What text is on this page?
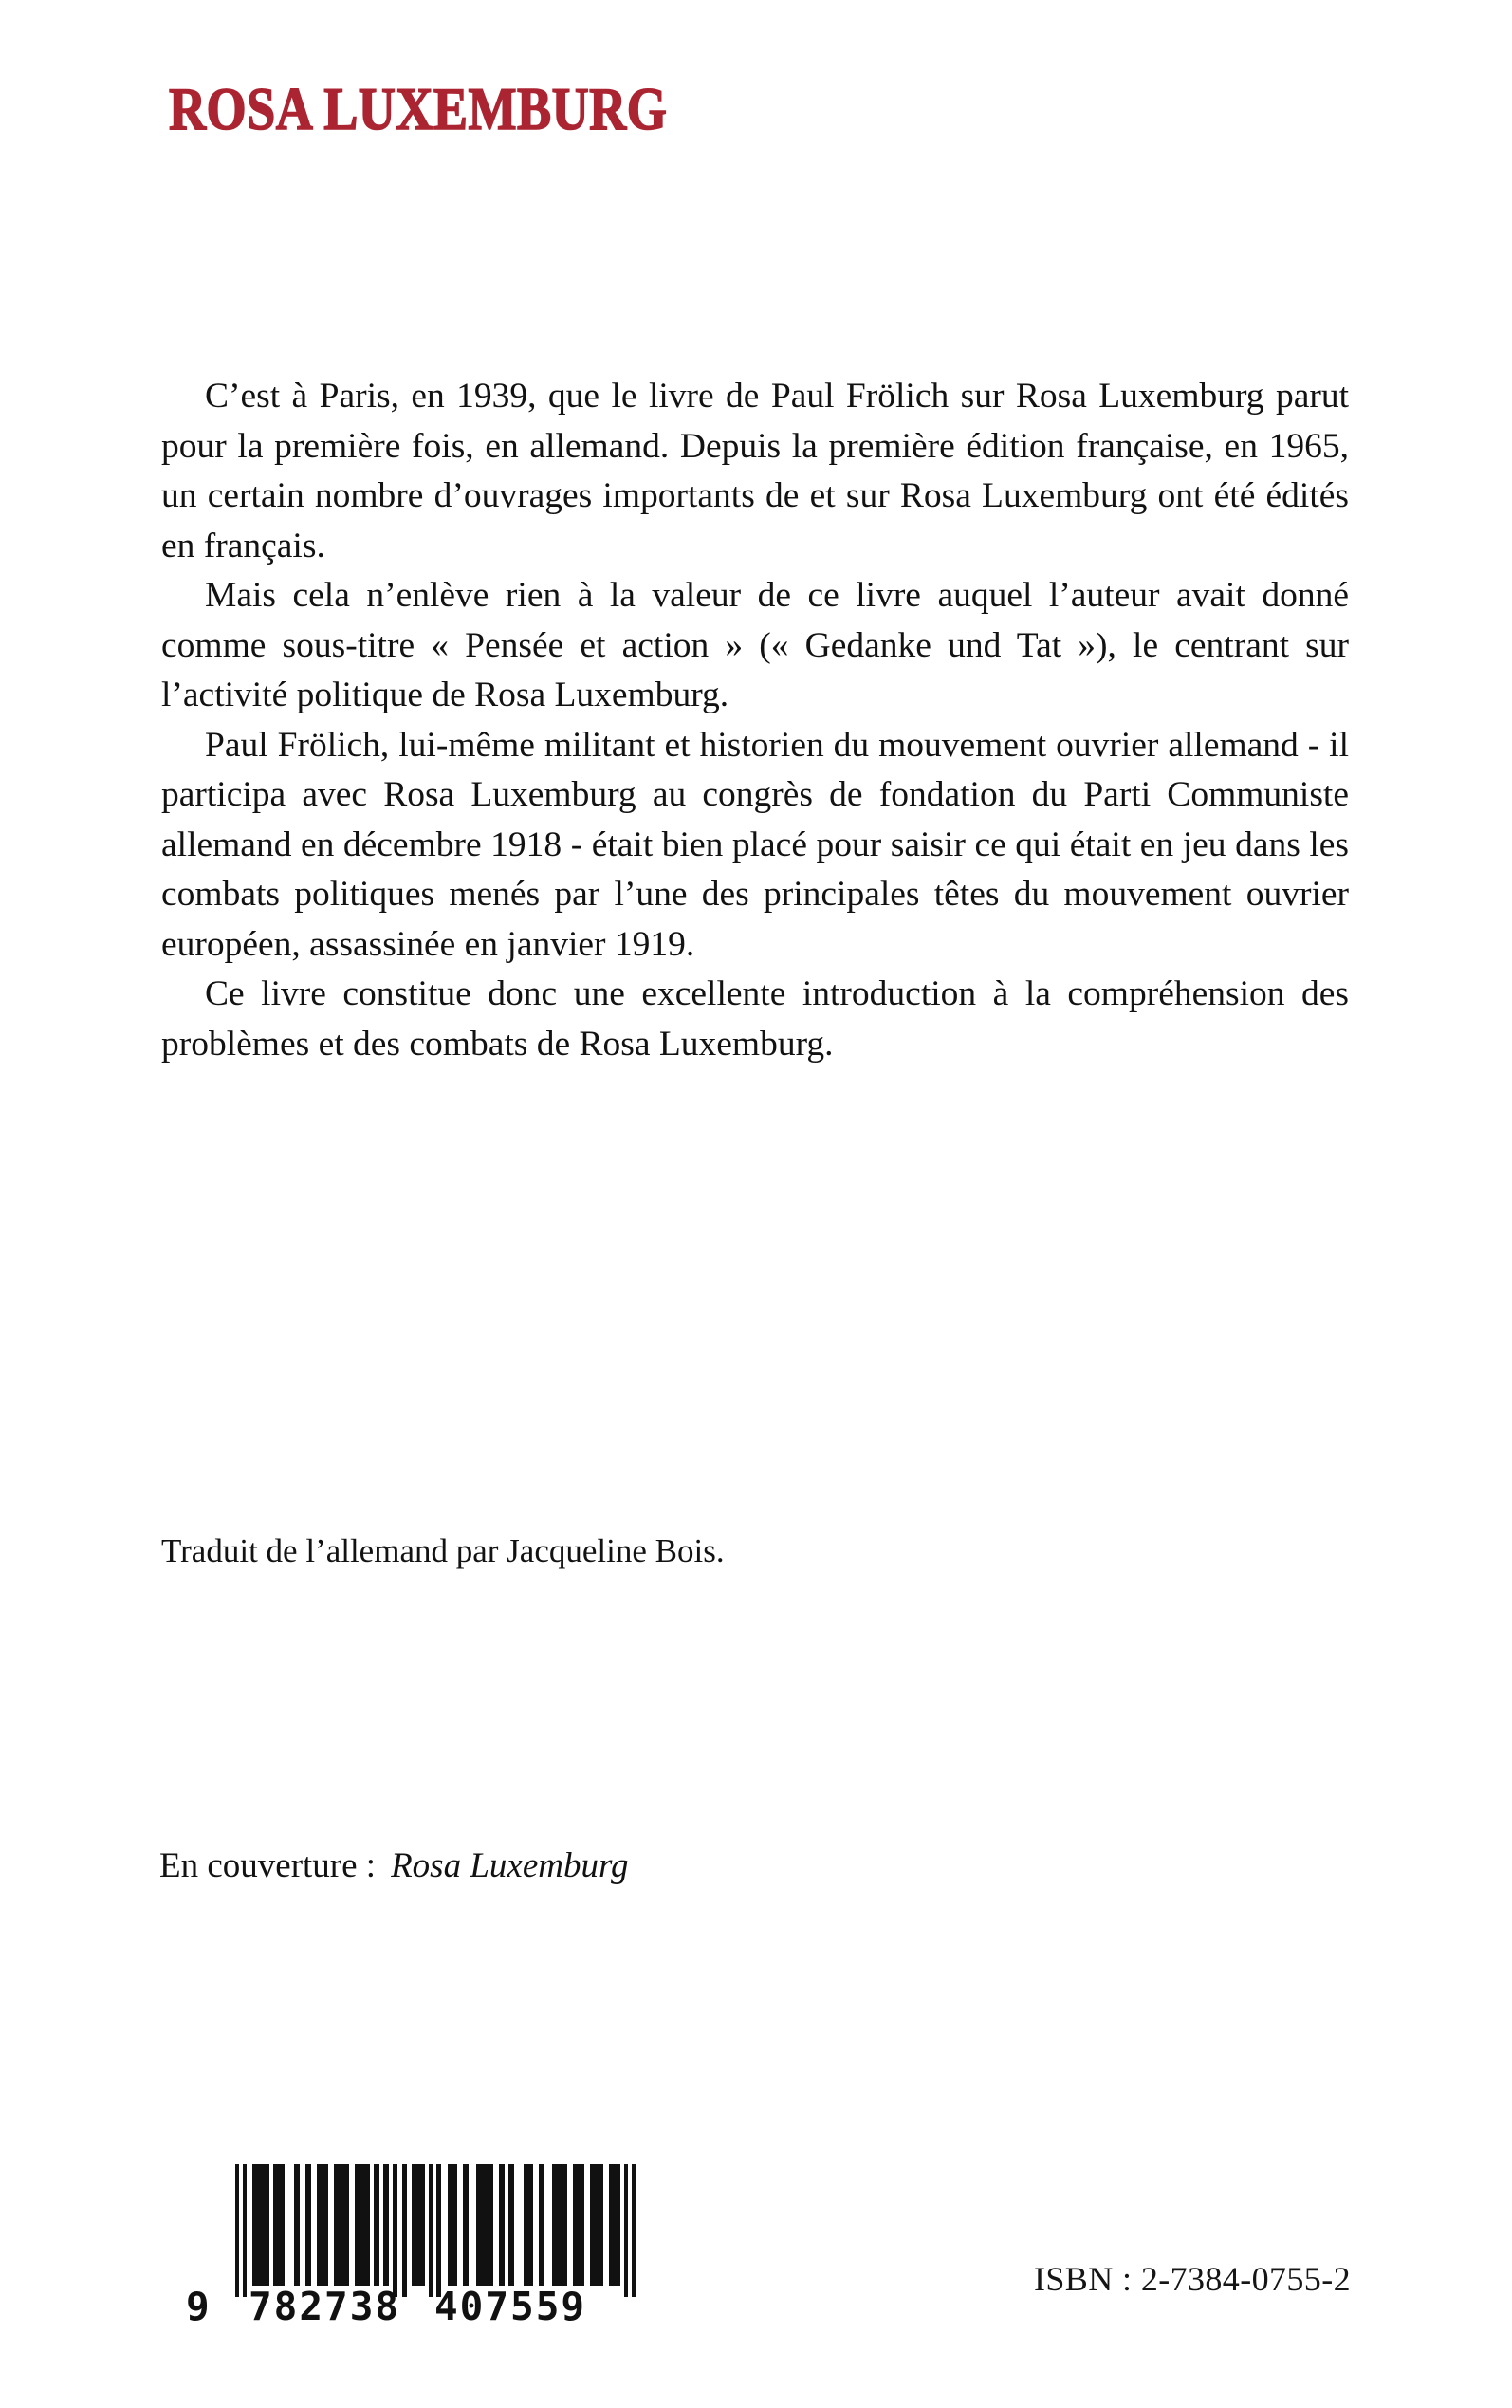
ROSA LUXEMBURG

C’est à Paris, en 1939, que le livre de Paul Frölich sur Rosa Luxemburg parut pour la première fois, en allemand. Depuis la première édition française, en 1965, un certain nombre d’ouvrages importants de et sur Rosa Luxemburg ont été édités en français.

Mais cela n’enlève rien à la valeur de ce livre auquel l’auteur avait donné comme sous-titre « Pensée et action » (« Gedanke und Tat »), le centrant sur l’activité politique de Rosa Luxemburg.

Paul Frölich, lui-même militant et historien du mouvement ouvrier allemand - il participa avec Rosa Luxemburg au congrès de fondation du Parti Communiste allemand en décembre 1918 - était bien placé pour saisir ce qui était en jeu dans les combats politiques menés par l’une des principales têtes du mouvement ouvrier européen, assassinée en janvier 1919.

Ce livre constitue donc une excellente introduction à la compréhension des problèmes et des combats de Rosa Luxemburg.

Traduit de l’allemand par Jacqueline Bois.
En couverture : Rosa Luxemburg
9 782738 407559
ISBN : 2-7384-0755-2
